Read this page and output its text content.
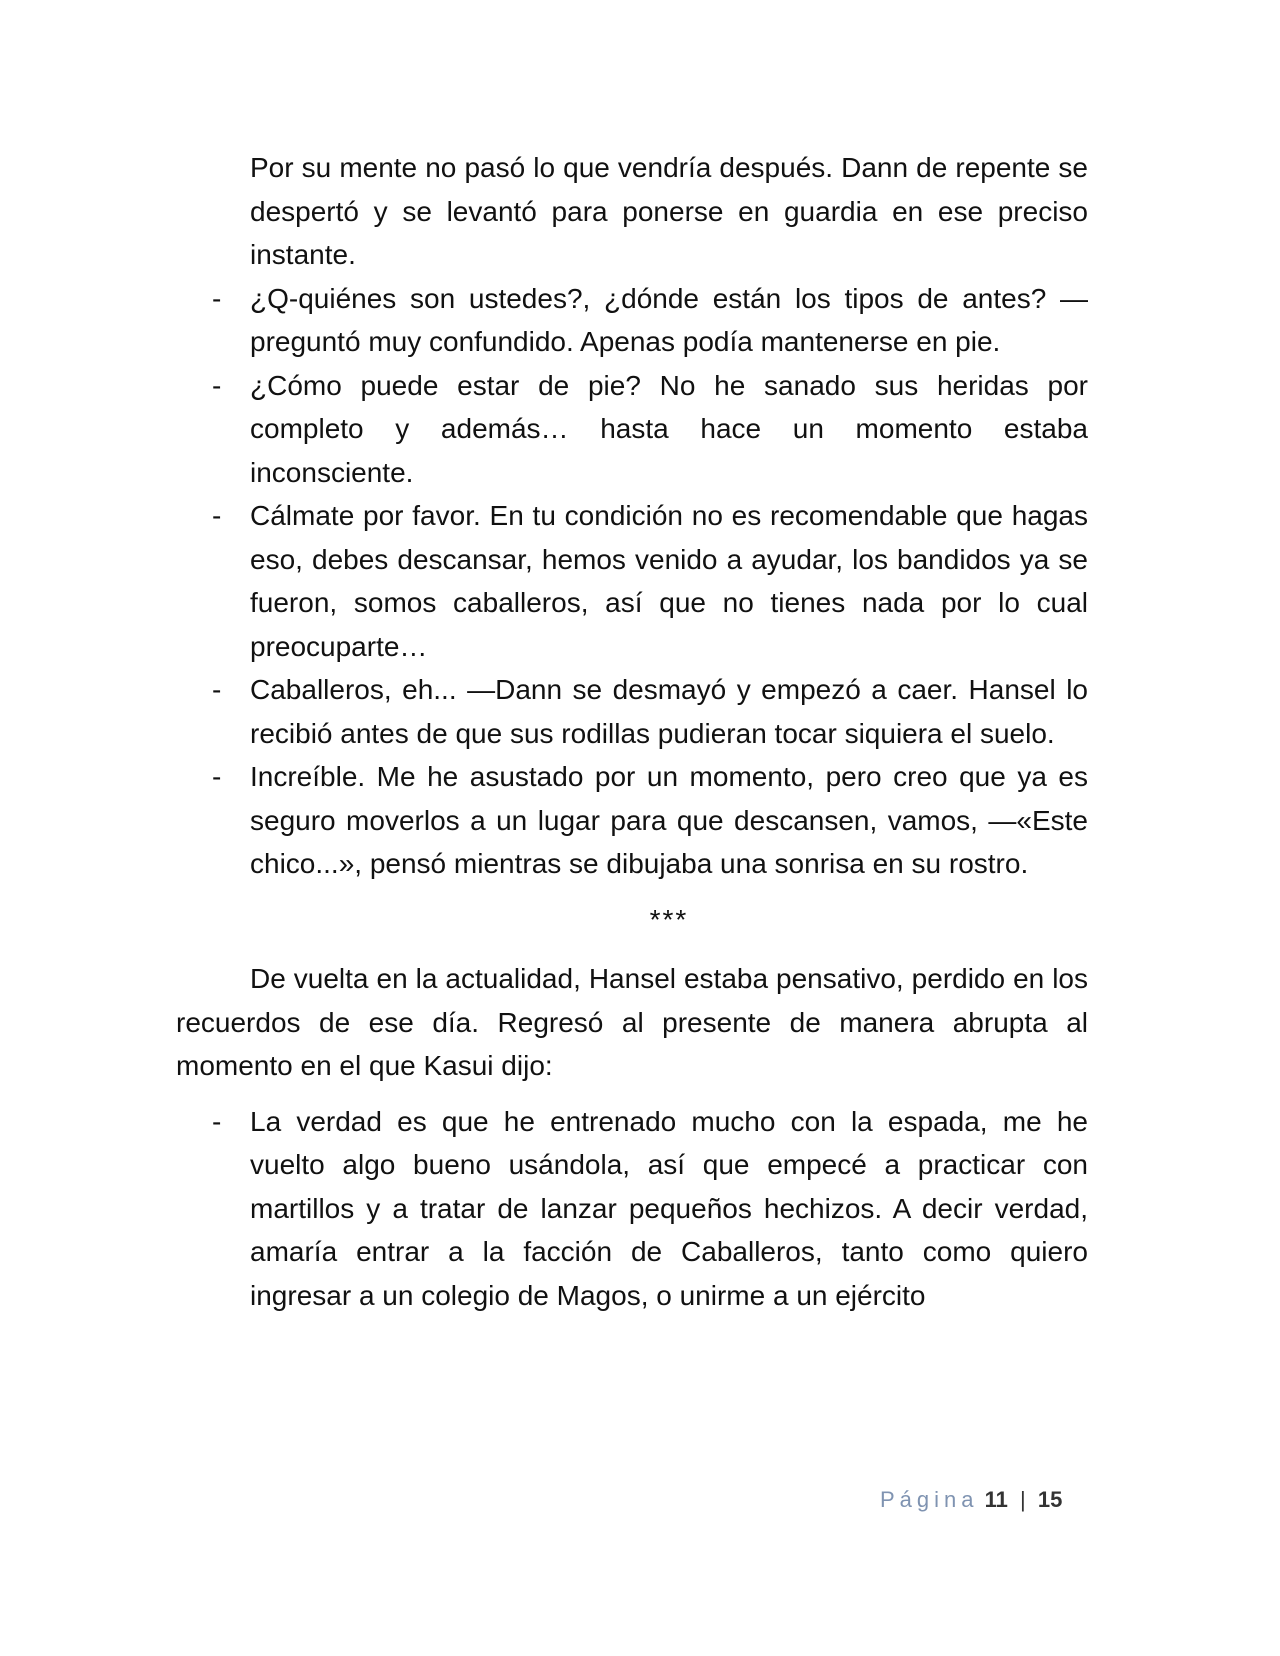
Por su mente no pasó lo que vendría después. Dann de repente se despertó y se levantó para ponerse en guardia en ese preciso instante.

- ¿Q-quiénes son ustedes?, ¿dónde están los tipos de antes? —preguntó muy confundido. Apenas podía mantenerse en pie.
- ¿Cómo puede estar de pie? No he sanado sus heridas por completo y además… hasta hace un momento estaba inconsciente.
- Cálmate por favor. En tu condición no es recomendable que hagas eso, debes descansar, hemos venido a ayudar, los bandidos ya se fueron, somos caballeros, así que no tienes nada por lo cual preocuparte…
- Caballeros, eh... —Dann se desmayó y empezó a caer. Hansel lo recibió antes de que sus rodillas pudieran tocar siquiera el suelo.
- Increíble. Me he asustado por un momento, pero creo que ya es seguro moverlos a un lugar para que descansen, vamos, —«Este chico...», pensó mientras se dibujaba una sonrisa en su rostro.
***

De vuelta en la actualidad, Hansel estaba pensativo, perdido en los recuerdos de ese día. Regresó al presente de manera abrupta al momento en el que Kasui dijo:

- La verdad es que he entrenado mucho con la espada, me he vuelto algo bueno usándola, así que empecé a practicar con martillos y a tratar de lanzar pequeños hechizos. A decir verdad, amaría entrar a la facción de Caballeros, tanto como quiero ingresar a un colegio de Magos, o unirme a un ejército
Página 11 | 15
